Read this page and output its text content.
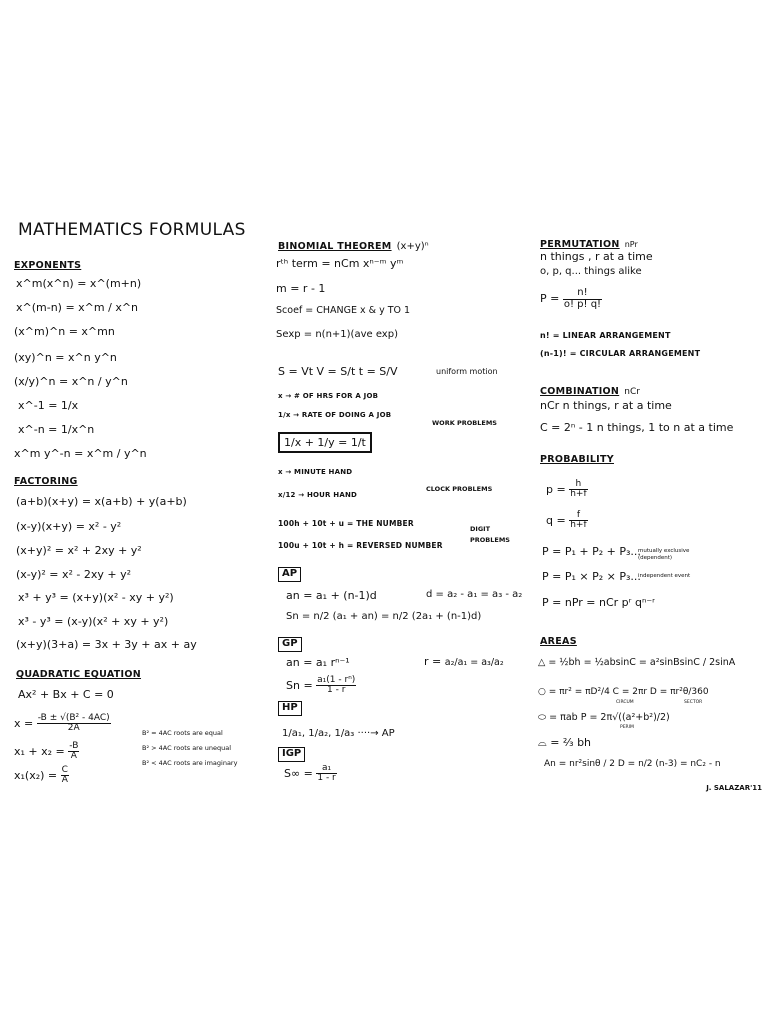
MATHEMATICS FORMULAS
EXPONENTS
x^m(x^n) = x^(m+n)
x^(m-n) = x^m / x^n
(x^m)^n = x^mn
(xy)^n = x^n y^n
(x/y)^n = x^n / y^n
x^-1 = 1/x
x^-n = 1/x^n
x^m y^-n = x^m / y^n
FACTORING
(a+b)(x+y) = x(a+b) + y(a+b)
(x-y)(x+y) = x² - y²
(x+y)² = x² + 2xy + y²
(x-y)² = x² - 2xy + y²
x³ + y³ = (x+y)(x² - xy + y²)
x³ - y³ = (x-y)(x² + xy + y²)
(x+y)(3+a) = 3x + 3y + ax + ay
QUADRATIC EQUATION
Ax² + Bx + C = 0
$x = \frac{\text{-B ± √(B² - 4AC)}}{2A}$
$x_1 + x_2 = \frac{-B}{A}$
$x_1(x_2) = \frac{C}{A}$
B² = 4AC roots are equal
B² > 4AC roots are unequal
B² < 4AC roots are imaginary
BINOMIAL THEOREM (x+y)ⁿ
rᵗʰ term = nCm xⁿ⁻ᵐ yᵐ
m = r - 1
Scoef = CHANGE x & y TO 1
Sexp = n(n+1)(ave exp)
S = Vt V = S/t t = S/V	uniform motion
x → # OF HRS FOR A JOB
1/x → RATE OF DOING A JOB
1/x + 1/y = 1/t
WORK PROBLEMS
x → MINUTE HAND
x/12 → HOUR HAND
CLOCK PROBLEMS
100h + 10t + u = THE NUMBER
100u + 10t + h = REVERSED NUMBER
DIGIT
PROBLEMS
AP
an = a₁ + (n-1)d	d = a₂ - a₁ = a₃ - a₂
Sn = n/2 (a₁ + an) = n/2 (2a₁ + (n-1)d)
GP
an = a₁ rⁿ⁻¹	r = a₂/a₁ = a₃/a₂
$Sn = \frac{\text{a₁(1 - rⁿ)}}{1 - r}$
HP
1/a₁, 1/a₂, 1/a₃ ····→ AP
IGP
$S\infty = \frac{\text{a₁}}{1 - r}$
PERMUTATION nPr
n things , r at a time
o, p, q... things alike
$P = \frac{n!}{o! p! q!}$
n! = LINEAR ARRANGEMENT
(n-1)! = CIRCULAR ARRANGEMENT
COMBINATION nCr
nCr n things, r at a time
C = 2ⁿ - 1 n things, 1 to n at a time
PROBABILITY
$p = \frac{h}{h+f}$
$q = \frac{f}{h+f}$
P = P₁ + P₂ + P₃...
mutually exclusive (dependent)
P = P₁ × P₂ × P₃...
independent event
P = nPr = nCr pʳ qⁿ⁻ʳ
AREAS
△ = ½bh = ½absinC = a²sinBsinC / 2sinA
○ = πr² = πD²/4 C = 2πr D = πr²θ/360
CIRCUM	SECTOR
⬭ = πab P = 2π√((a²+b²)/2)
PERIM
⌓ = ⅔ bh
An = nr²sinθ / 2 D = n/2 (n-3) = nC₂ - n
J. SALAZAR'11
